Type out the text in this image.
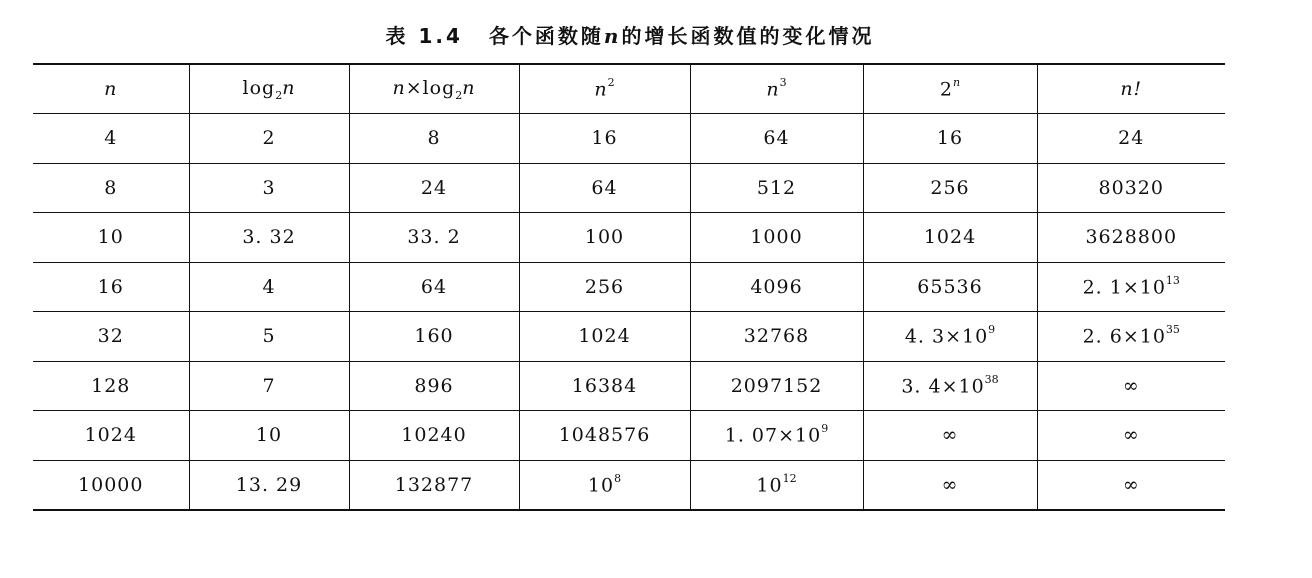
表 1.4 各个函数随n的增长函数值的变化情况
n	$\log_2n$	$n\times\log_2n$	$n^2$	$n^3$	2$^n$	n!
4	2	8	16	64	16	24
8	3	24	64	512	256	80320
10	3. 32	33. 2	100	1000	1024	3628800
16	4	64	256	4096	65536	2. $1\times 10^{13}$
32	5	160	1024	32768	4. $3\times 10^9$	2. $6\times 10^{35}$
128	7	896	16384	2097152	3. $4\times 10^{38}$	∞
1024	10	10240	1048576	1. $07\times 10^9$	∞	∞
10000	13. 29	132877	$10^8$	$10^{12}$	∞	∞
